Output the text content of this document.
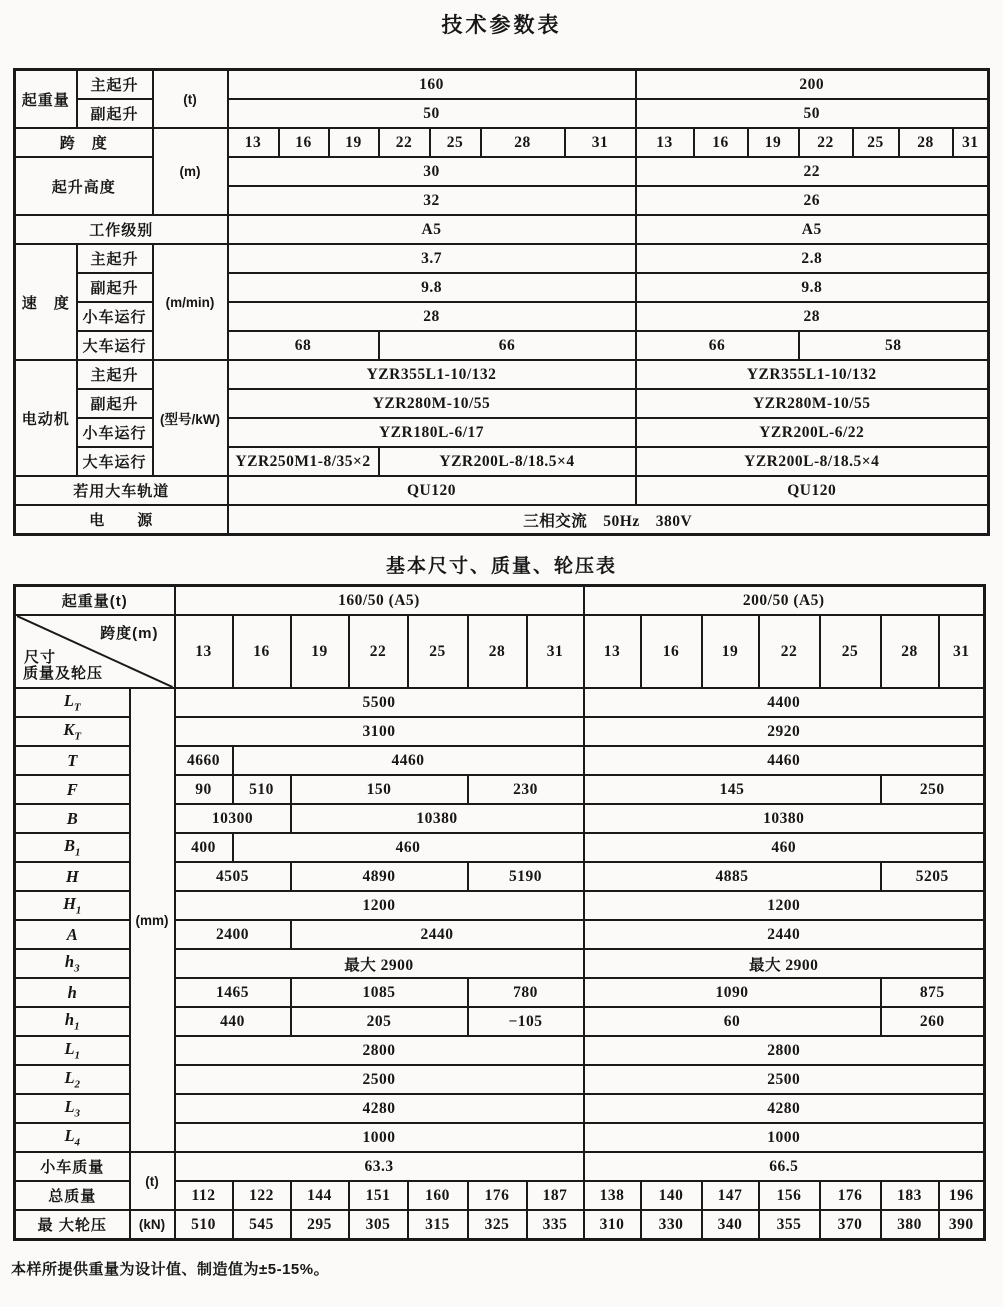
技术参数表
起重量	主起升	(t)	160							200						
	副起升		50							50						
跨　度		(m)	13	16	19	22	25	28	31	13	16	19	22	25	28	31
起升高度			30							22						
			32							26						
工作级别			A5							A5						
速　度	主起升	(m/min)	3.7							2.8						
	副起升		9.8							9.8						
	小车运行		28							28						
	大车运行		68			66				66			58			
电动机	主起升	(型号/kW)	YZR355L1-10/132							YZR355L1-10/132						
	副起升		YZR280M-10/55							YZR280M-10/55						
	小车运行		YZR180L-6/17							YZR200L-6/22						
	大车运行		YZR250M1-8/35×2			YZR200L-8/18.5×4				YZR200L-8/18.5×4						
若用大车轨道			QU120							QU120						
电　　源			三相交流　50Hz　380V													
基本尺寸、质量、轮压表
起重量(t)		160/50 (A5)							200/50 (A5)						

跨度(m)
尺寸
质量及轮压		13	16	19	22	25	28	31	13	16	19	22	25	28	31
$L_T$	(mm)	5500							4400						
$K_T$		3100							2920						
T		4660	4460						4460						
F		90	510	150			230		145					250	
B		10300		10380					10380						
$B_1$		400	460						460						
H		4505		4890			5190		4885					5205	
$H_1$		1200							1200						
A		2400		2440					2440						
$h_3$		最大 2900							最大 2900						
h		1465		1085			780		1090					875	
$h_1$		440		205			−105		60					260	
$L_1$		2800							2800						
$L_2$		2500							2500						
$L_3$		4280							4280						
$L_4$		1000							1000						
小车质量	(t)	63.3							66.5						
总质量		112	122	144	151	160	176	187	138	140	147	156	176	183	196
最 大轮压	(kN)	510	545	295	305	315	325	335	310	330	340	355	370	380	390
本样所提供重量为设计值、制造值为±5-15%。
